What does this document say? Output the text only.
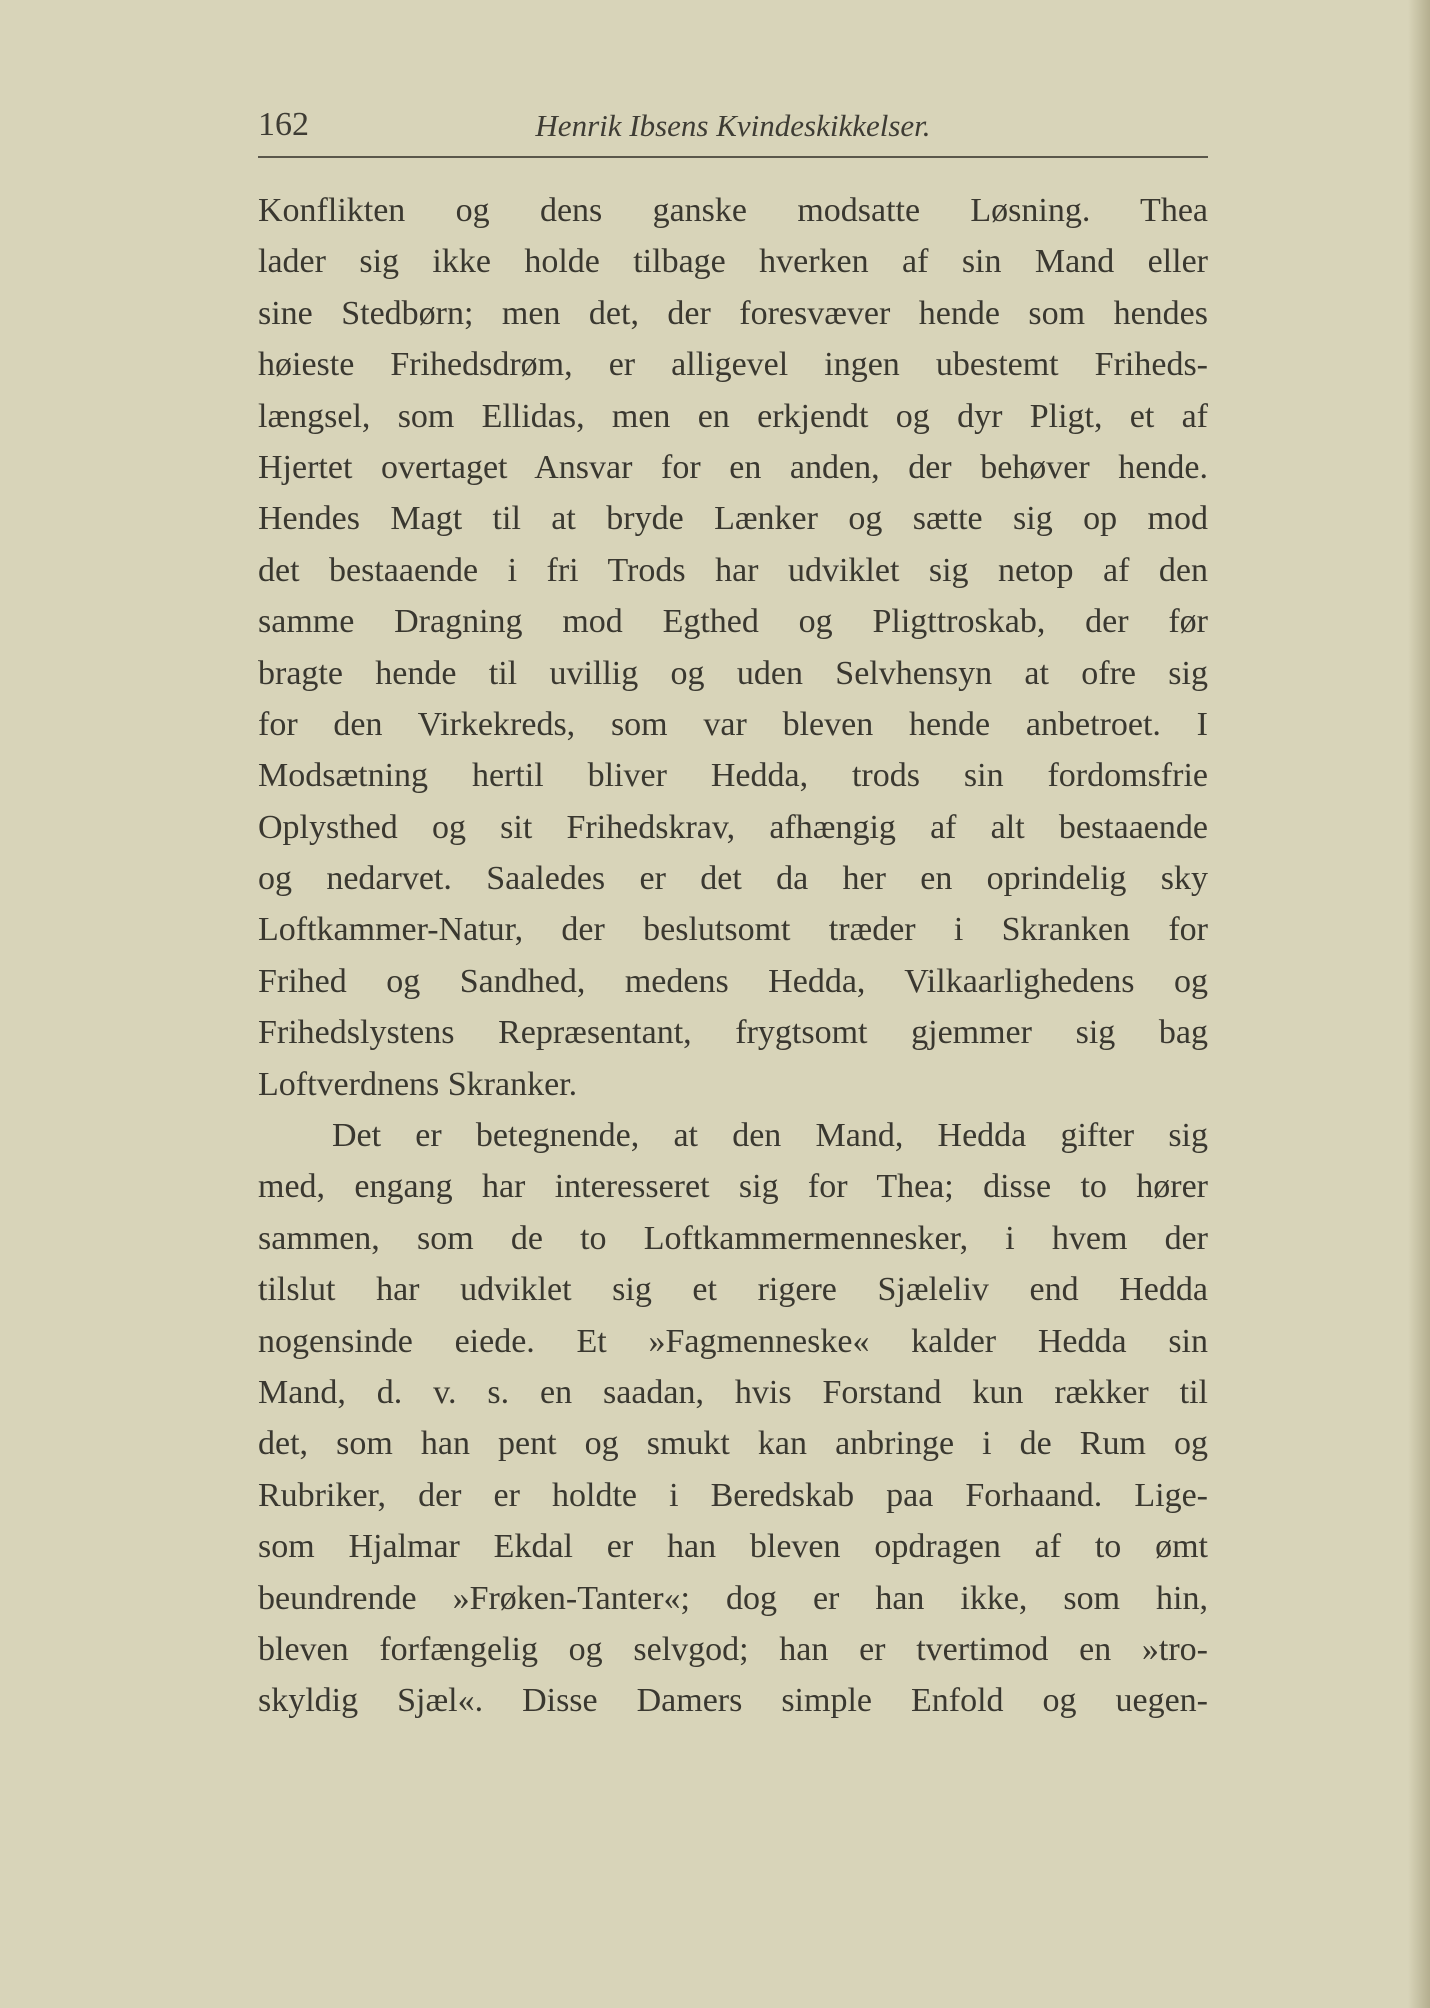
162	Henrik Ibsens Kvindeskikkelser.
Konflikten og dens ganske modsatte Løsning. Thea
lader sig ikke holde tilbage hverken af sin Mand eller
sine Stedbørn; men det, der foresvæver hende som hendes
høieste Frihedsdrøm, er alligevel ingen ubestemt Friheds-
længsel, som Ellidas, men en erkjendt og dyr Pligt, et af
Hjertet overtaget Ansvar for en anden, der behøver hende.
Hendes Magt til at bryde Lænker og sætte sig op mod
det bestaaende i fri Trods har udviklet sig netop af den
samme Dragning mod Egthed og Pligttroskab, der før
bragte hende til uvillig og uden Selvhensyn at ofre sig
for den Virkekreds, som var bleven hende anbetroet. I
Modsætning hertil bliver Hedda, trods sin fordomsfrie
Oplysthed og sit Frihedskrav, afhængig af alt bestaaende
og nedarvet. Saaledes er det da her en oprindelig sky
Loftkammer-Natur, der beslutsomt træder i Skranken for
Frihed og Sandhed, medens Hedda, Vilkaarlighedens og
Frihedslystens Repræsentant, frygtsomt gjemmer sig bag
Loftverdnens Skranker.
Det er betegnende, at den Mand, Hedda gifter sig
med, engang har interesseret sig for Thea; disse to hører
sammen, som de to Loftkammermennesker, i hvem der
tilslut har udviklet sig et rigere Sjæleliv end Hedda
nogensinde eiede. Et »Fagmenneske« kalder Hedda sin
Mand, d. v. s. en saadan, hvis Forstand kun rækker til
det, som han pent og smukt kan anbringe i de Rum og
Rubriker, der er holdte i Beredskab paa Forhaand. Lige-
som Hjalmar Ekdal er han bleven opdragen af to ømt
beundrende »Frøken-Tanter«; dog er han ikke, som hin,
bleven forfængelig og selvgod; han er tvertimod en »tro-
skyldig Sjæl«. Disse Damers simple Enfold og uegen-
